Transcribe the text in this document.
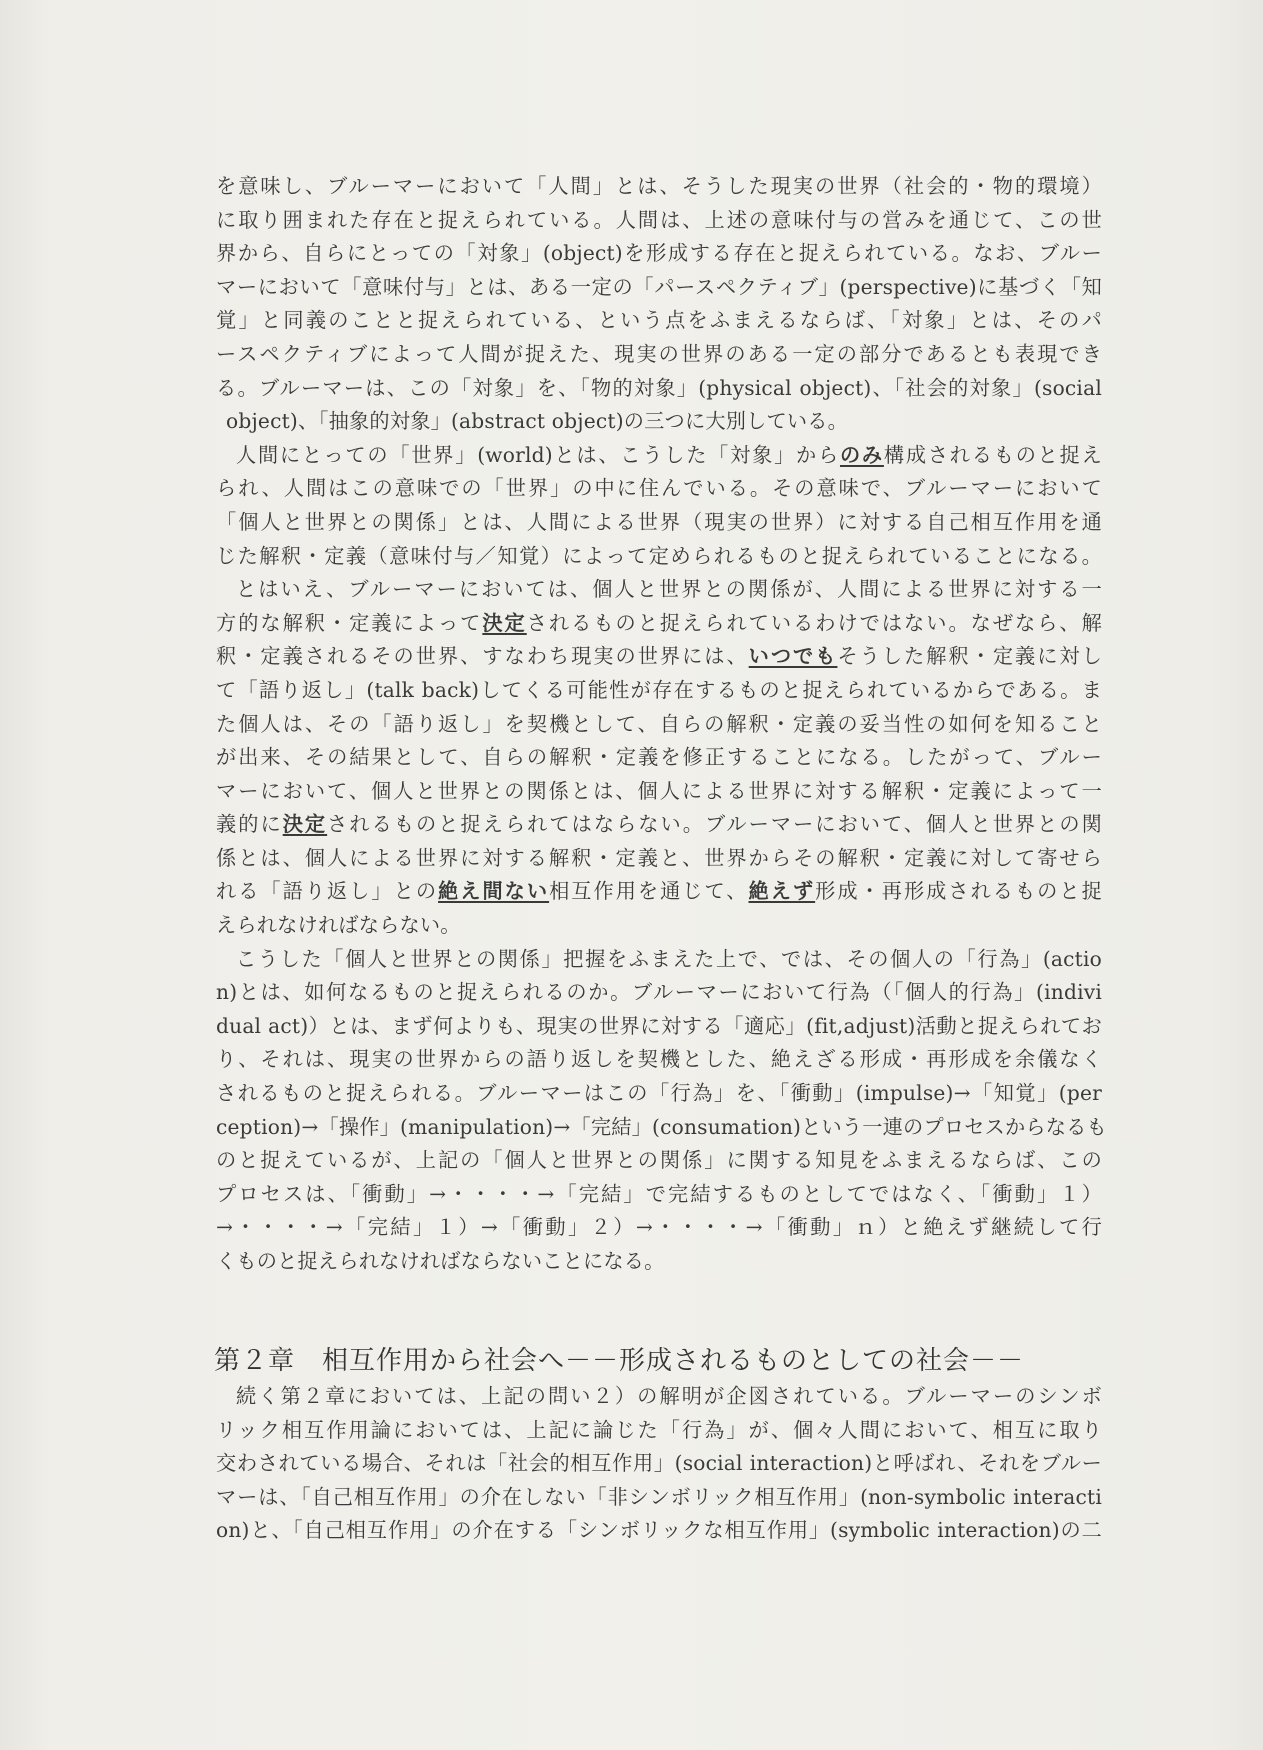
を意味し、ブルーマーにおいて「人間」とは、そうした現実の世界（社会的・物的環境）
に取り囲まれた存在と捉えられている。人間は、上述の意味付与の営みを通じて、この世
界から、自らにとっての「対象」(object)を形成する存在と捉えられている。なお、ブルー
マーにおいて「意味付与」とは、ある一定の「パースペクティブ」(perspective)に基づく「知
覚」と同義のことと捉えられている、という点をふまえるならば、「対象」とは、そのパ
ースペクティブによって人間が捉えた、現実の世界のある一定の部分であるとも表現でき
る。ブルーマーは、この「対象」を、「物的対象」(physical object)、「社会的対象」(social
object)、「抽象的対象」(abstract object)の三つに大別している。
人間にとっての「世界」(world)とは、こうした「対象」からのみ構成されるものと捉え
られ、人間はこの意味での「世界」の中に住んでいる。その意味で、ブルーマーにおいて
「個人と世界との関係」とは、人間による世界（現実の世界）に対する自己相互作用を通
じた解釈・定義（意味付与／知覚）によって定められるものと捉えられていることになる。
とはいえ、ブルーマーにおいては、個人と世界との関係が、人間による世界に対する一
方的な解釈・定義によって決定されるものと捉えられているわけではない。なぜなら、解
釈・定義されるその世界、すなわち現実の世界には、いつでもそうした解釈・定義に対し
て「語り返し」(talk back)してくる可能性が存在するものと捉えられているからである。ま
た個人は、その「語り返し」を契機として、自らの解釈・定義の妥当性の如何を知ること
が出来、その結果として、自らの解釈・定義を修正することになる。したがって、ブルー
マーにおいて、個人と世界との関係とは、個人による世界に対する解釈・定義によって一
義的に決定されるものと捉えられてはならない。ブルーマーにおいて、個人と世界との関
係とは、個人による世界に対する解釈・定義と、世界からその解釈・定義に対して寄せら
れる「語り返し」との絶え間ない相互作用を通じて、絶えず形成・再形成されるものと捉
えられなければならない。
こうした「個人と世界との関係」把握をふまえた上で、では、その個人の「行為」(actio
n)とは、如何なるものと捉えられるのか。ブルーマーにおいて行為（「個人的行為」(indivi
dual act)）とは、まず何よりも、現実の世界に対する「適応」(fit,adjust)活動と捉えられてお
り、それは、現実の世界からの語り返しを契機とした、絶えざる形成・再形成を余儀なく
されるものと捉えられる。ブルーマーはこの「行為」を、「衝動」(impulse)→「知覚」(per
ception)→「操作」(manipulation)→「完結」(consumation)という一連のプロセスからなるも
のと捉えているが、上記の「個人と世界との関係」に関する知見をふまえるならば、この
プロセスは、「衝動」→・・・・→「完結」で完結するものとしてではなく、「衝動」１）
→・・・・→「完結」１）→「衝動」２）→・・・・→「衝動」ｎ）と絶えず継続して行
くものと捉えられなければならないことになる。
第２章　相互作用から社会へ－－形成されるものとしての社会－－
続く第２章においては、上記の問い２）の解明が企図されている。ブルーマーのシンボ
リック相互作用論においては、上記に論じた「行為」が、個々人間において、相互に取り
交わされている場合、それは「社会的相互作用」(social interaction)と呼ばれ、それをブルー
マーは、「自己相互作用」の介在しない「非シンボリック相互作用」(non-symbolic interacti
on)と、「自己相互作用」の介在する「シンボリックな相互作用」(symbolic interaction)の二
